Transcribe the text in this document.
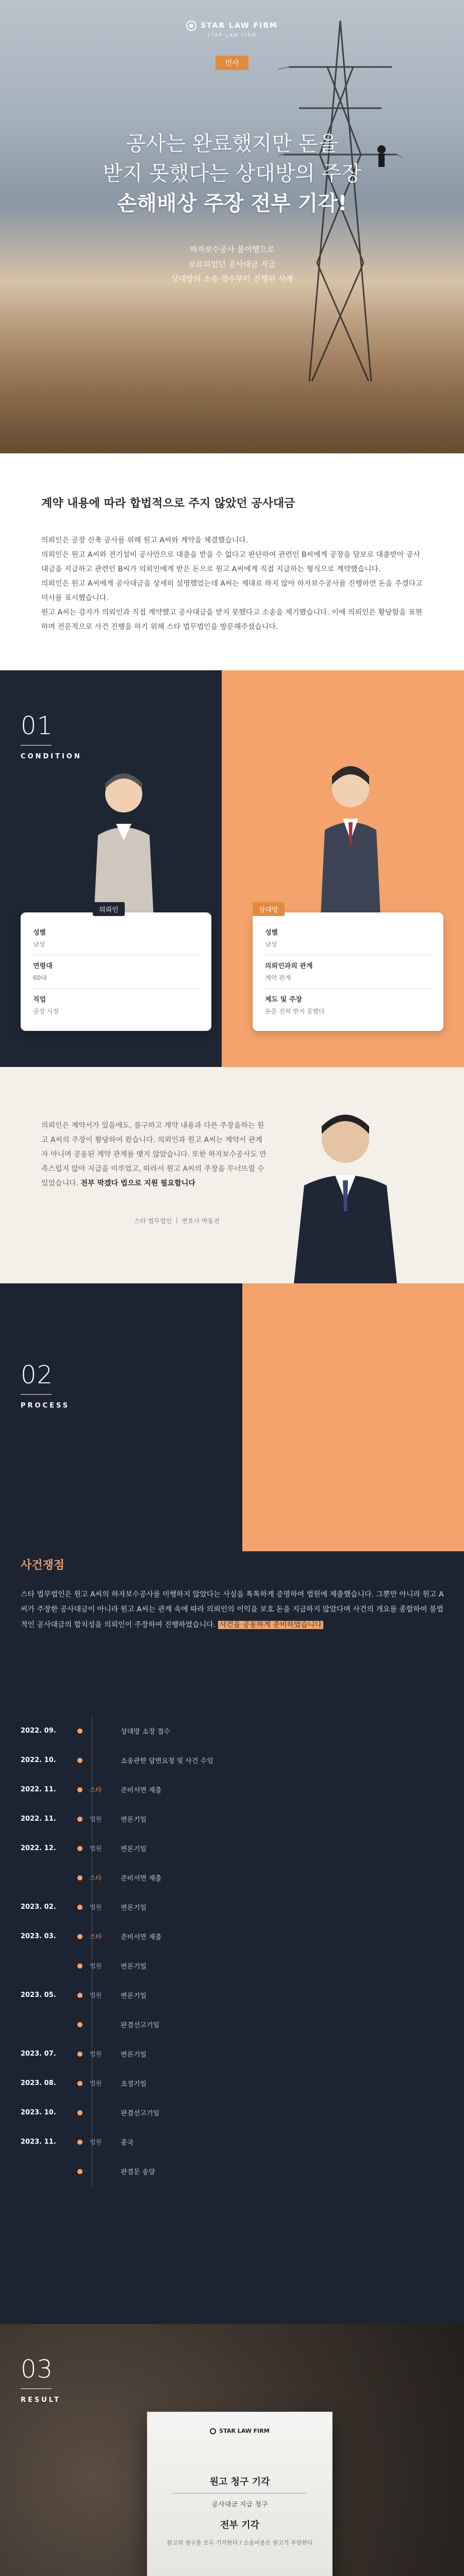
STAR LAW FIRM
STAR LAW FIRM
민사
공사는 완료했지만 돈을
받지 못했다는 상대방의 주장
손해배상 주장 전부 기각!
하자보수공사 불이행으로
보류되었던 공사대금 지급
상대방의 소송 접수부터 진행된 사례
계약 내용에 따라 합법적으로 주지 않았던 공사대금

의뢰인은 공장 신축 공사를 위해 원고 A씨와 계약을 체결했습니다.

의뢰인은 원고 A씨와 전기설비 공사안으로 대출을 받을 수 없다고 판단하여 관련인 B씨에게 공장을 담보로 대출받아 공사 대금을 지급하고 관련인 B씨가 의뢰인에게 받은 돈으로 원고 A씨에게 직접 지급하는 형식으로 계약했습니다.

의뢰인은 원고 A씨에게 공사대금을 상세히 설명했었는데 A씨는 제대로 하지 않아 하자보수공사를 진행하면 돈을 주겠다고 미사를 표시했습니다.

원고 A씨는 감자가 의뢰인과 직접 계약했고 공사대금을 받지 못했다고 소송을 제기했습니다. 이에 의뢰인은 황당함을 표현하며 전문적으로 사건 진행을 하기 위해 스타 법무법인을 방문해주셨습니다.

01
CONDITION
의뢰인
성별
남성
연령대
60대
직업
공장 사장
상대방
성별
남성
의뢰인과의 관계
계약 관계
제도 및 주장
돈을 전혀 받지 못했다
의뢰인은 계약서가 있음에도, 불구하고 계약 내용과 다른 주장을하는 원고 A씨의 주장이 황당하여 왔습니다. 의뢰인과 원고 A씨는 계약서 관계자 아니며 공동된 계약 관계를 맺지 않았습니다. 또한 하자보수공사도 만족스럽지 않아 지급을 미루었고, 따라서 원고 A씨의 주장을 무너뜨릴 수 있었습니다. 전부 막겠다 법으로 지원 필요합니다
스타 법무법인 ㅣ 변호사 박동진
02
PROCESS
사건쟁점
스타 법무법인은 원고 A씨의 하자보수공사를 미행하지 않았다는 사실을 톡톡하게 증명하여 법원에 제출했습니다. 그뿐만 아니라 원고 A씨가 주장한 공사대금이 아니라 원고 A씨는 관계 속에 따라 의뢰인의 이익을 보호 돈을 지급하지 않았다며 사건의 개요를 종합하여 불법적인 공사대금의 합치성을 의뢰인이 주장하여 진행하였습니다. 사건을 공동하게 준비하였습니다
2022. 09.	상대방 소장 접수
2022. 10.	소송관한 답변요청 및 사건 수임
2022. 11.	스타	준비서면 제출
2022. 11.	법원	변론기일
2022. 12.	법원	변론기일
스타	준비서면 제출
2023. 02.	법원	변론기일
2023. 03.	스타	준비서면 제출
법원	변론기일
2023. 05.	법원	변론기일
판결선고기일
2023. 07.	법원	변론기일
2023. 08.	법원	조정기일
2023. 10.	판결선고기일
2023. 11.	법원	종국
판결문 송달
03
RESULT
STAR LAW FIRM
원고 청구 기각
공사대금 지급 청구
전부 기각
원고의 청구를 모두 기각한다 / 소송비용은 원고가 부담한다
